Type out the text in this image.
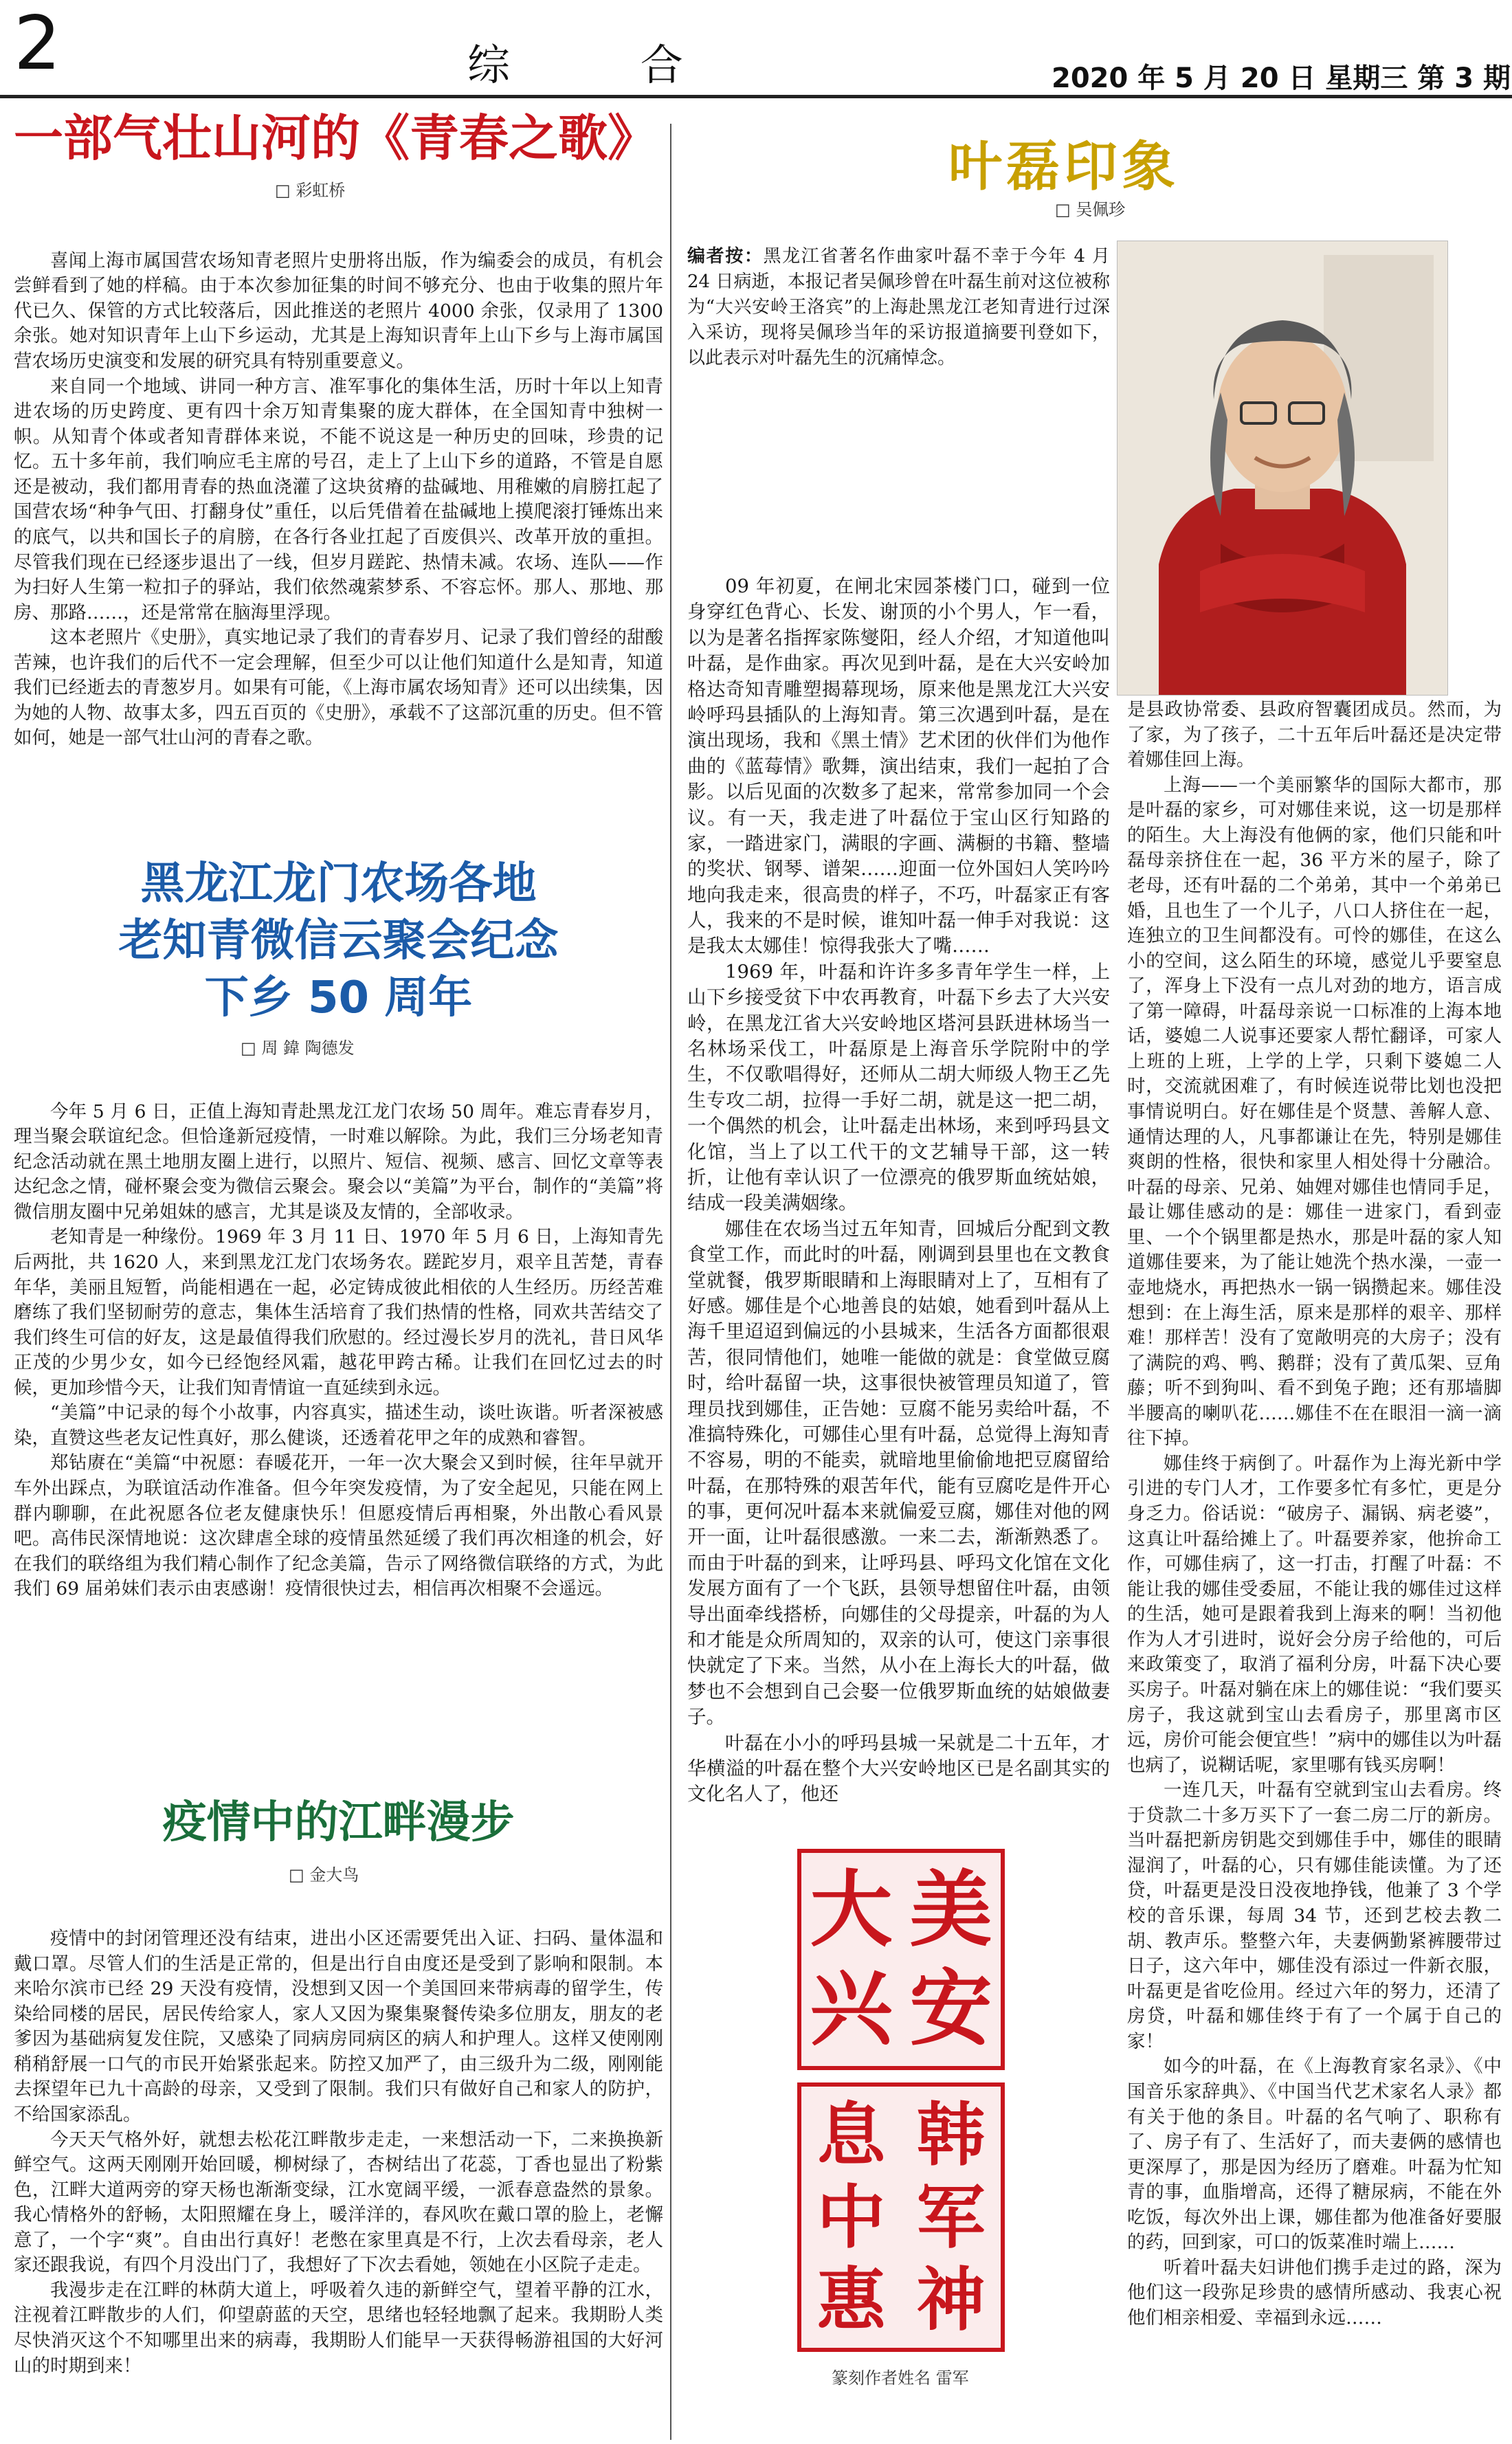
2	综 合	2020 年 5 月 20 日 星期三 第 3 期
一部气壮山河的《青春之歌》
□ 彩虹桥

喜闻上海市属国营农场知青老照片史册将出版，作为编委会的成员，有机会尝鲜看到了她的样稿。由于本次参加征集的时间不够充分、也由于收集的照片年代已久、保管的方式比较落后，因此推送的老照片 4000 余张，仅录用了 1300 余张。她对知识青年上山下乡运动，尤其是上海知识青年上山下乡与上海市属国营农场历史演变和发展的研究具有特别重要意义。

来自同一个地域、讲同一种方言、准军事化的集体生活，历时十年以上知青进农场的历史跨度、更有四十余万知青集聚的庞大群体，在全国知青中独树一帜。从知青个体或者知青群体来说，不能不说这是一种历史的回味，珍贵的记忆。五十多年前，我们响应毛主席的号召，走上了上山下乡的道路，不管是自愿还是被动，我们都用青春的热血浇灌了这块贫瘠的盐碱地、用稚嫩的肩膀扛起了国营农场“种争气田、打翻身仗”重任，以后凭借着在盐碱地上摸爬滚打锤炼出来的底气，以共和国长子的肩膀，在各行各业扛起了百废俱兴、改革开放的重担。尽管我们现在已经逐步退出了一线，但岁月蹉跎、热情未减。农场、连队——作为扫好人生第一粒扣子的驿站，我们依然魂萦梦系、不容忘怀。那人、那地、那房、那路……，还是常常在脑海里浮现。

这本老照片《史册》，真实地记录了我们的青春岁月、记录了我们曾经的甜酸苦辣，也许我们的后代不一定会理解，但至少可以让他们知道什么是知青，知道我们已经逝去的青葱岁月。如果有可能，《上海市属农场知青》还可以出续集，因为她的人物、故事太多，四五百页的《史册》，承载不了这部沉重的历史。但不管如何，她是一部气壮山河的青春之歌。

黑龙江龙门农场各地
老知青微信云聚会纪念
下乡 50 周年
□ 周 鍏 陶德发

今年 5 月 6 日，正值上海知青赴黑龙江龙门农场 50 周年。难忘青春岁月，理当聚会联谊纪念。但恰逢新冠疫情，一时难以解除。为此，我们三分场老知青纪念活动就在黑土地朋友圈上进行，以照片、短信、视频、感言、回忆文章等表达纪念之情，碰杯聚会变为微信云聚会。聚会以“美篇”为平台，制作的“美篇”将微信朋友圈中兄弟姐妹的感言，尤其是谈及友情的，全部收录。

老知青是一种缘份。1969 年 3 月 11 日、1970 年 5 月 6 日，上海知青先后两批，共 1620 人，来到黑龙江龙门农场务农。蹉跎岁月，艰辛且苦楚，青春年华，美丽且短暂，尚能相遇在一起，必定铸成彼此相依的人生经历。历经苦难磨练了我们坚韧耐劳的意志，集体生活培育了我们热情的性格，同欢共苦结交了我们终生可信的好友，这是最值得我们欣慰的。经过漫长岁月的洗礼，昔日风华正茂的少男少女，如今已经饱经风霜，越花甲跨古稀。让我们在回忆过去的时候，更加珍惜今天，让我们知青情谊一直延续到永远。

“美篇”中记录的每个小故事，内容真实，描述生动，谈吐诙谐。听者深被感染，直赞这些老友记性真好，那么健谈，还透着花甲之年的成熟和睿智。

郑钻赓在“美篇“中祝愿：春暖花开，一年一次大聚会又到时候，往年早就开车外出踩点，为联谊活动作准备。但今年突发疫情，为了安全起见，只能在网上群内聊聊，在此祝愿各位老友健康快乐！但愿疫情后再相聚，外出散心看风景吧。高伟民深情地说：这次肆虐全球的疫情虽然延缓了我们再次相逢的机会，好在我们的联络组为我们精心制作了纪念美篇，告示了网络微信联络的方式，为此我们 69 届弟妹们表示由衷感谢！疫情很快过去，相信再次相聚不会遥远。

疫情中的江畔漫步
□ 金大鸟

疫情中的封闭管理还没有结束，进出小区还需要凭出入证、扫码、量体温和戴口罩。尽管人们的生活是正常的，但是出行自由度还是受到了影响和限制。本来哈尔滨市已经 29 天没有疫情，没想到又因一个美国回来带病毒的留学生，传染给同楼的居民，居民传给家人，家人又因为聚集聚餐传染多位朋友，朋友的老爹因为基础病复发住院，又感染了同病房同病区的病人和护理人。这样又使刚刚稍稍舒展一口气的市民开始紧张起来。防控又加严了，由三级升为二级，刚刚能去探望年已九十高龄的母亲，又受到了限制。我们只有做好自己和家人的防护，不给国家添乱。

今天天气格外好，就想去松花江畔散步走走，一来想活动一下，二来换换新鲜空气。这两天刚刚开始回暖，柳树绿了，杏树结出了花蕊，丁香也显出了粉紫色，江畔大道两旁的穿天杨也渐渐变绿，江水宽阔平缓，一派春意盎然的景象。我心情格外的舒畅，太阳照耀在身上，暖洋洋的，春风吹在戴口罩的脸上，老懈意了，一个字“爽”。自由出行真好！老憋在家里真是不行，上次去看母亲，老人家还跟我说，有四个月没出门了，我想好了下次去看她，领她在小区院子走走。

我漫步走在江畔的林荫大道上，呼吸着久违的新鲜空气，望着平静的江水，注视着江畔散步的人们，仰望蔚蓝的天空，思绪也轻轻地飘了起来。我期盼人类尽快消灭这个不知哪里出来的病毒，我期盼人们能早一天获得畅游祖国的大好河山的时期到来！

叶磊印象
□ 吴佩珍
编者按：黑龙江省著名作曲家叶磊不幸于今年 4 月 24 日病逝，本报记者吴佩珍曾在叶磊生前对这位被称为“大兴安岭王洛宾”的上海赴黑龙江老知青进行过深入采访，现将吴佩珍当年的采访报道摘要刊登如下，以此表示对叶磊先生的沉痛悼念。

09 年初夏，在闸北宋园茶楼门口，碰到一位身穿红色背心、长发、谢顶的小个男人，乍一看，以为是著名指挥家陈燮阳，经人介绍，才知道他叫叶磊，是作曲家。再次见到叶磊，是在大兴安岭加格达奇知青雕塑揭幕现场，原来他是黑龙江大兴安岭呼玛县插队的上海知青。第三次遇到叶磊，是在演出现场，我和《黑土情》艺术团的伙伴们为他作曲的《蓝莓情》歌舞，演出结束，我们一起拍了合影。以后见面的次数多了起来，常常参加同一个会议。有一天，我走进了叶磊位于宝山区行知路的家，一踏进家门，满眼的字画、满橱的书籍、整墙的奖状、钢琴、谱架……迎面一位外国妇人笑吟吟地向我走来，很高贵的样子，不巧，叶磊家正有客人，我来的不是时候，谁知叶磊一伸手对我说：这是我太太娜佳！惊得我张大了嘴……

1969 年，叶磊和许许多多青年学生一样，上山下乡接受贫下中农再教育，叶磊下乡去了大兴安岭，在黑龙江省大兴安岭地区塔河县跃进林场当一名林场采伐工，叶磊原是上海音乐学院附中的学生，不仅歌唱得好，还师从二胡大师级人物王乙先生专攻二胡，拉得一手好二胡，就是这一把二胡，一个偶然的机会，让叶磊走出林场，来到呼玛县文化馆，当上了以工代干的文艺辅导干部，这一转折，让他有幸认识了一位漂亮的俄罗斯血统姑娘，结成一段美满姻缘。

娜佳在农场当过五年知青，回城后分配到文教食堂工作，而此时的叶磊，刚调到县里也在文教食堂就餐，俄罗斯眼睛和上海眼睛对上了，互相有了好感。娜佳是个心地善良的姑娘，她看到叶磊从上海千里迢迢到偏远的小县城来，生活各方面都很艰苦，很同情他们，她唯一能做的就是：食堂做豆腐时，给叶磊留一块，这事很快被管理员知道了，管理员找到娜佳，正告她：豆腐不能另卖给叶磊，不准搞特殊化，可娜佳心里有叶磊，总觉得上海知青不容易，明的不能卖，就暗地里偷偷地把豆腐留给叶磊，在那特殊的艰苦年代，能有豆腐吃是件开心的事，更何况叶磊本来就偏爱豆腐，娜佳对他的网开一面，让叶磊很感激。一来二去，渐渐熟悉了。而由于叶磊的到来，让呼玛县、呼玛文化馆在文化发展方面有了一个飞跃，县领导想留住叶磊，由领导出面牵线搭桥，向娜佳的父母提亲，叶磊的为人和才能是众所周知的，双亲的认可，使这门亲事很快就定了下来。当然，从小在上海长大的叶磊，做梦也不会想到自己会娶一位俄罗斯血统的姑娘做妻子。

叶磊在小小的呼玛县城一呆就是二十五年，才华横溢的叶磊在整个大兴安岭地区已是名副其实的文化名人了，他还

是县政协常委、县政府智囊团成员。然而，为了家，为了孩子，二十五年后叶磊还是决定带着娜佳回上海。

上海——一个美丽繁华的国际大都市，那是叶磊的家乡，可对娜佳来说，这一切是那样的陌生。大上海没有他俩的家，他们只能和叶磊母亲挤住在一起，36 平方米的屋子，除了老母，还有叶磊的二个弟弟，其中一个弟弟已婚，且也生了一个儿子，八口人挤住在一起，连独立的卫生间都没有。可怜的娜佳，在这么小的空间，这么陌生的环境，感觉儿乎要窒息了，浑身上下没有一点儿对劲的地方，语言成了第一障碍，叶磊母亲说一口标准的上海本地话，婆媳二人说事还要家人帮忙翻译，可家人上班的上班，上学的上学，只剩下婆媳二人时，交流就困难了，有时候连说带比划也没把事情说明白。好在娜佳是个贤慧、善解人意、通情达理的人，凡事都谦让在先，特别是娜佳爽朗的性格，很快和家里人相处得十分融洽。叶磊的母亲、兄弟、妯娌对娜佳也情同手足，最让娜佳感动的是：娜佳一进家门，看到壶里、一个个锅里都是热水，那是叶磊的家人知道娜佳要来，为了能让她洗个热水澡，一壶一壶地烧水，再把热水一锅一锅攒起来。娜佳没想到：在上海生活，原来是那样的艰辛、那样难！那样苦！没有了宽敞明亮的大房子；没有了满院的鸡、鸭、鹅群；没有了黄瓜架、豆角藤；听不到狗叫、看不到兔子跑；还有那墙脚半腰高的喇叭花……娜佳不在在眼泪一滴一滴往下掉。

娜佳终于病倒了。叶磊作为上海光新中学引进的专门人才，工作要多忙有多忙，更是分身乏力。俗话说：“破房子、漏锅、病老婆”，这真让叶磊给摊上了。叶磊要养家，他拚命工作，可娜佳病了，这一打击，打醒了叶磊：不能让我的娜佳受委屈，不能让我的娜佳过这样的生活，她可是跟着我到上海来的啊！当初他作为人才引进时，说好会分房子给他的，可后来政策变了，取消了福利分房，叶磊下决心要买房子。叶磊对躺在床上的娜佳说：“我们要买房子，我这就到宝山去看房子，那里离市区远，房价可能会便宜些！”病中的娜佳以为叶磊也病了，说糊话呢，家里哪有钱买房啊！

一连几天，叶磊有空就到宝山去看房。终于贷款二十多万买下了一套二房二厅的新房。当叶磊把新房钥匙交到娜佳手中，娜佳的眼睛湿润了，叶磊的心，只有娜佳能读懂。为了还贷，叶磊更是没日没夜地挣钱，他兼了 3 个学校的音乐课，每周 34 节，还到艺校去教二胡、教声乐。整整六年，夫妻俩勤紧裤腰带过日子，这六年中，娜佳没有添过一件新衣服，叶磊更是省吃俭用。经过六年的努力，还清了房贷，叶磊和娜佳终于有了一个属于自己的家！

如今的叶磊，在《上海教育家名录》、《中国音乐家辞典》、《中国当代艺术家名人录》都有关于他的条目。叶磊的名气响了、职称有了、房子有了、生活好了，而夫妻俩的感情也更深厚了，那是因为经历了磨难。叶磊为忙知青的事，血脂增高，还得了糖尿病，不能在外吃饭，每次外出上课，娜佳都为他准备好要服的药，回到家，可口的饭菜准时端上……

听着叶磊夫妇讲他们携手走过的路，深为他们这一段弥足珍贵的感情所感动、我衷心祝他们相亲相爱、幸福到永远……

大 美
兴 安
息 韩
中 军
惠 神
篆刻作者姓名 雷军
